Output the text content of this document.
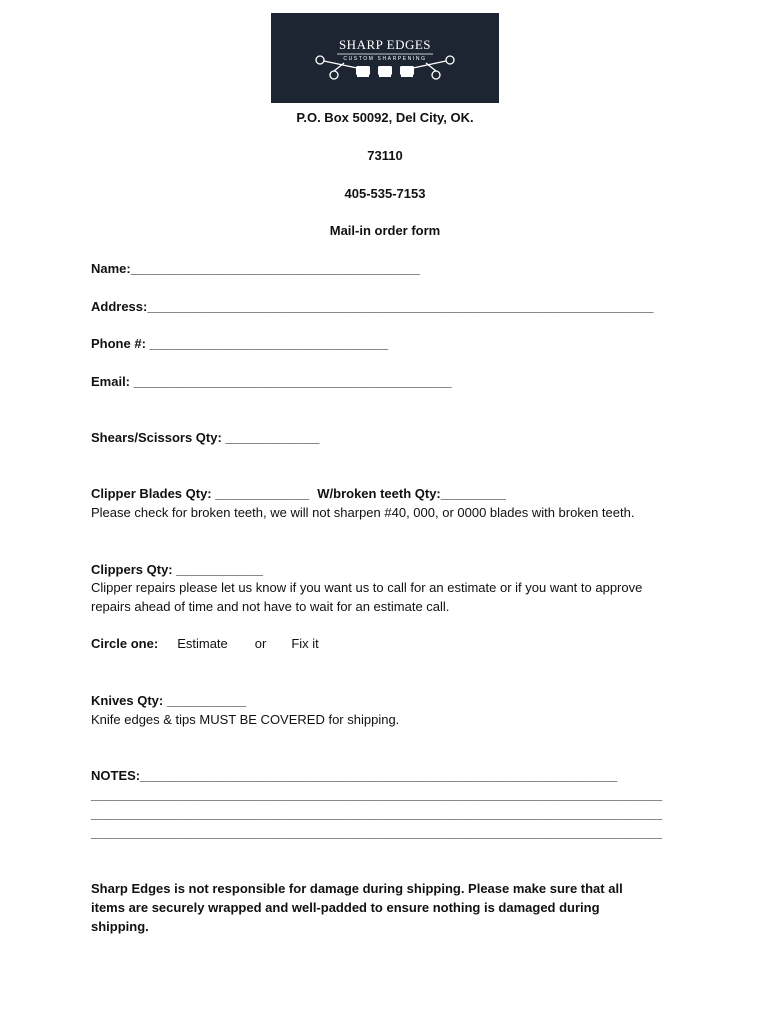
SHARP EDGES
CUSTOM SHARPENING
P.O. Box 50092, Del City, OK.
73110
405-535-7153
Mail-in order form
Name:________________________________________
Address:______________________________________________________________________
Phone #: _________________________________
Email: ____________________________________________
Shears/Scissors Qty: _____________
Clipper Blades Qty: _____________ W/broken teeth Qty:_________
Please check for broken teeth, we will not sharpen #40, 000, or 0000 blades with broken teeth.
Clippers Qty: ____________
Clipper repairs please let us know if you want us to call for an estimate or if you want to approve
repairs ahead of time and not have to wait for an estimate call.
Circle one: Estimate or Fix it
Knives Qty: ___________
Knife edges & tips MUST BE COVERED for shipping.
NOTES:__________________________________________________________________
_______________________________________________________________________________
_______________________________________________________________________________
_______________________________________________________________________________
Sharp Edges is not responsible for damage during shipping. Please make sure that all
items are securely wrapped and well-padded to ensure nothing is damaged during
shipping.
